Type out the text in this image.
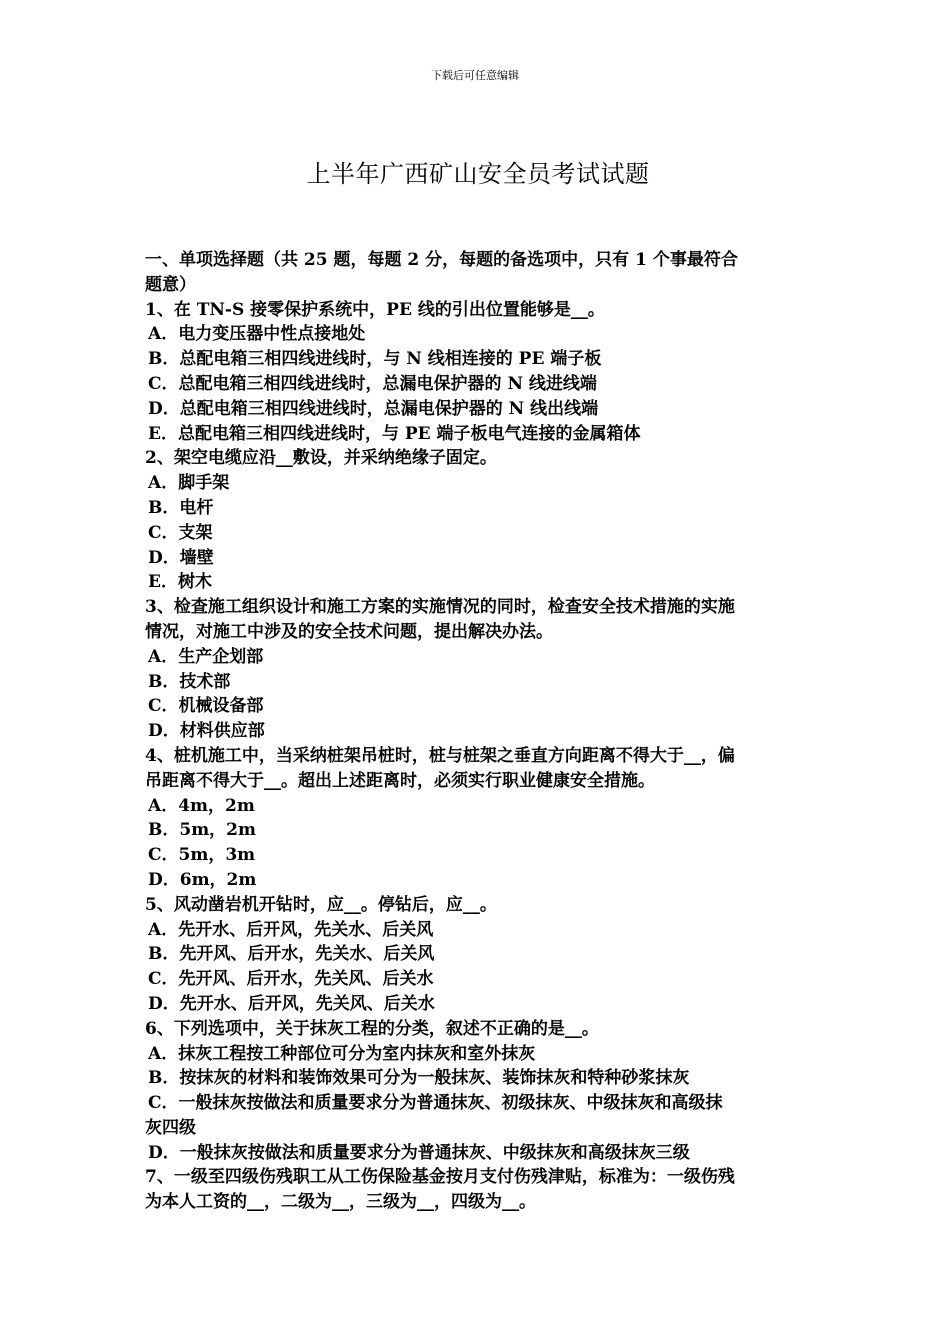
下载后可任意编辑
上半年广西矿山安全员考试试题
一、单项选择题（共 25 题，每题 2 分，每题的备选项中，只有 1 个事最符合
题意）
1、在 TN-S 接零保护系统中，PE 线的引出位置能够是__。
A．电力变压器中性点接地处
B．总配电箱三相四线进线时，与 N 线相连接的 PE 端子板
C．总配电箱三相四线进线时，总漏电保护器的 N 线进线端
D．总配电箱三相四线进线时，总漏电保护器的 N 线出线端
E．总配电箱三相四线进线时，与 PE 端子板电气连接的金属箱体
2、架空电缆应沿__敷设，并采纳绝缘子固定。
A．脚手架
B．电杆
C．支架
D．墙壁
E．树木
3、检查施工组织设计和施工方案的实施情况的同时，检查安全技术措施的实施
情况，对施工中涉及的安全技术问题，提出解决办法。
A．生产企划部
B．技术部
C．机械设备部
D．材料供应部
4、桩机施工中，当采纳桩架吊桩时，桩与桩架之垂直方向距离不得大于__，偏
吊距离不得大于__。超出上述距离时，必须实行职业健康安全措施。
A．4m，2m
B．5m，2m
C．5m，3m
D．6m，2m
5、风动凿岩机开钻时，应__。停钻后，应__。
A．先开水、后开风，先关水、后关风
B．先开风、后开水，先关水、后关风
C．先开风、后开水，先关风、后关水
D．先开水、后开风，先关风、后关水
6、下列选项中，关于抹灰工程的分类，叙述不正确的是__。
A．抹灰工程按工种部位可分为室内抹灰和室外抹灰
B．按抹灰的材料和装饰效果可分为一般抹灰、装饰抹灰和特种砂浆抹灰
C．一般抹灰按做法和质量要求分为普通抹灰、初级抹灰、中级抹灰和高级抹
灰四级
D．一般抹灰按做法和质量要求分为普通抹灰、中级抹灰和高级抹灰三级
7、一级至四级伤残职工从工伤保险基金按月支付伤残津贴，标准为：一级伤残
为本人工资的__，二级为__，三级为__，四级为__。
